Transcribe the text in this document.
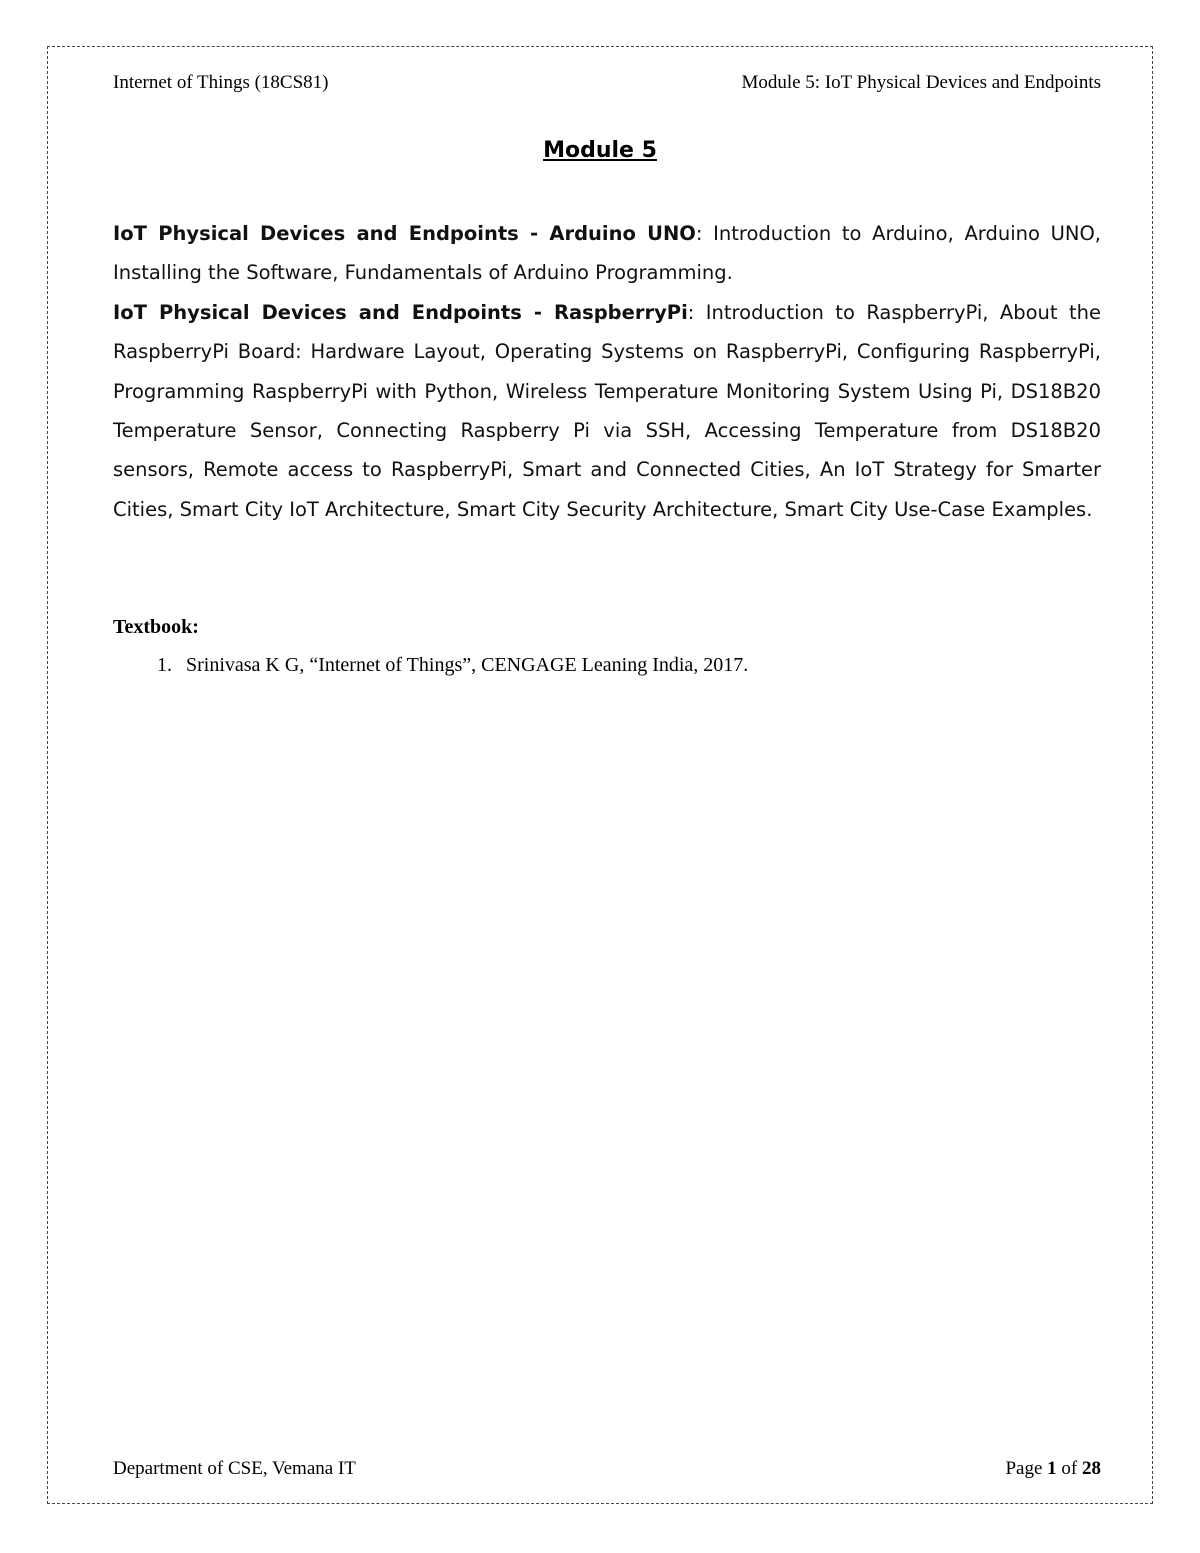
Internet of Things (18CS81)	Module 5: IoT Physical Devices and Endpoints
Module 5

IoT Physical Devices and Endpoints - Arduino UNO: Introduction to Arduino, Arduino UNO, Installing the Software, Fundamentals of Arduino Programming.

IoT Physical Devices and Endpoints - RaspberryPi: Introduction to RaspberryPi, About the RaspberryPi Board: Hardware Layout, Operating Systems on RaspberryPi, Configuring RaspberryPi, Programming RaspberryPi with Python, Wireless Temperature Monitoring System Using Pi, DS18B20 Temperature Sensor, Connecting Raspberry Pi via SSH, Accessing Temperature from DS18B20 sensors, Remote access to RaspberryPi, Smart and Connected Cities, An IoT Strategy for Smarter Cities, Smart City IoT Architecture, Smart City Security Architecture, Smart City Use-Case Examples.

Textbook:
1. Srinivasa K G, “Internet of Things”, CENGAGE Leaning India, 2017.
Department of CSE, Vemana IT	Page 1 of 28
